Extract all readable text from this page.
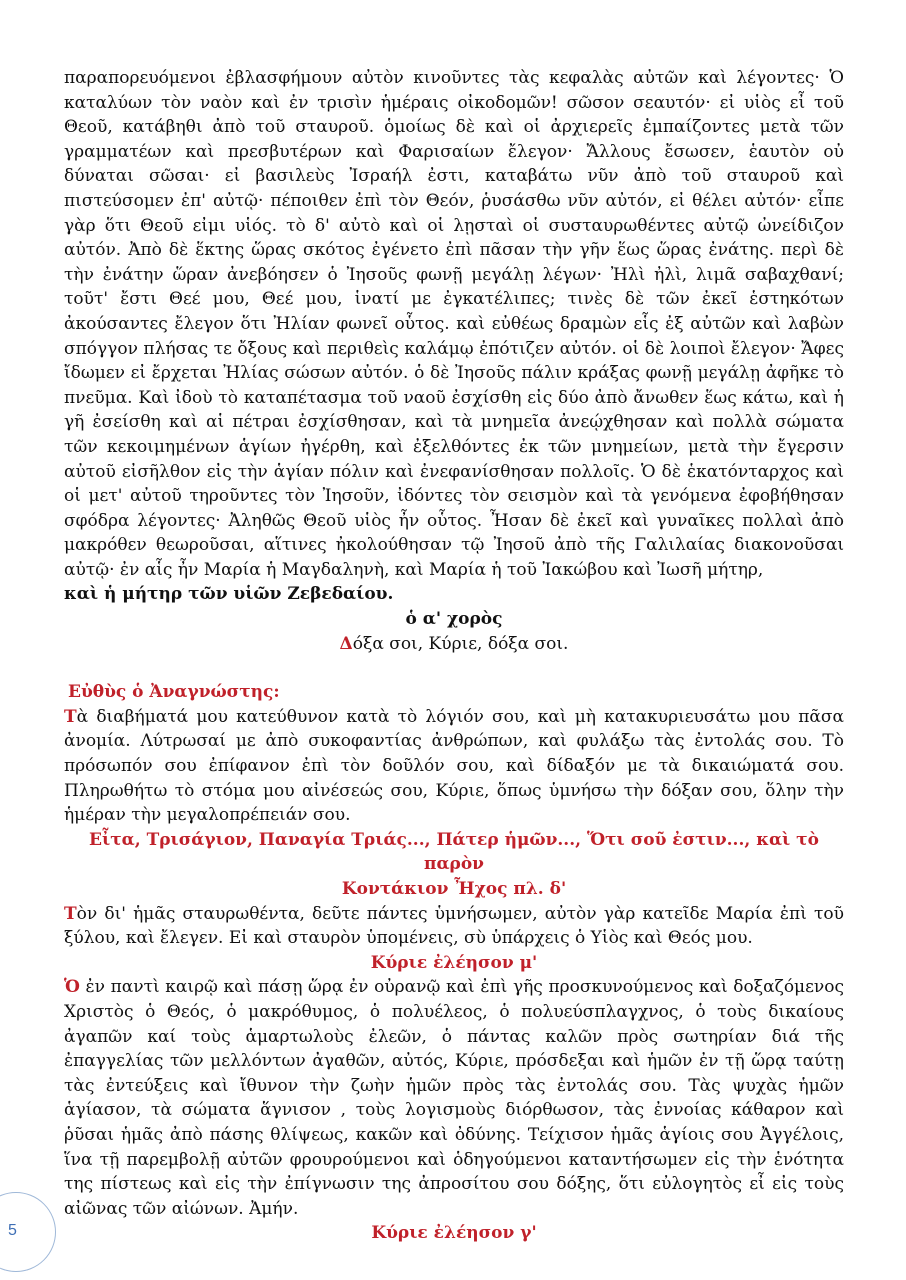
παραπορευόμενοι ἐβλασφήμουν αὐτὸν κινοῦντες τὰς κεφαλὰς αὐτῶν καὶ λέγοντες· Ὁ καταλύων τὸν ναὸν καὶ ἐν τρισὶν ἡμέραις οἰκοδομῶν! σῶσον σεαυτόν· εἰ υἱὸς εἶ τοῦ Θεοῦ, κατάβηθι ἀπὸ τοῦ σταυροῦ. ὁμοίως δὲ καὶ οἱ ἀρχιερεῖς ἐμπαίζοντες μετὰ τῶν γραμματέων καὶ πρεσβυτέρων καὶ Φαρισαίων ἔλεγον· Ἄλλους ἔσωσεν, ἑαυτὸν οὐ δύναται σῶσαι· εἰ βασιλεὺς Ἰσραήλ ἐστι, καταβάτω νῦν ἀπὸ τοῦ σταυροῦ καὶ πιστεύσομεν ἐπ' αὐτῷ· πέποιθεν ἐπὶ τὸν Θεόν, ῥυσάσθω νῦν αὐτόν, εἰ θέλει αὐτόν· εἶπε γὰρ ὅτι Θεοῦ εἰμι υἱός. τὸ δ' αὐτὸ καὶ οἱ λῃσταὶ οἱ συσταυρωθέντες αὐτῷ ὠνείδιζον αὐτόν. Ἀπὸ δὲ ἕκτης ὥρας σκότος ἐγένετο ἐπὶ πᾶσαν τὴν γῆν ἕως ὥρας ἐνάτης. περὶ δὲ τὴν ἐνάτην ὥραν ἀνεβόησεν ὁ Ἰησοῦς φωνῇ μεγάλῃ λέγων· Ἠλὶ ἠλὶ, λιμᾶ σαβαχθανί; τοῦτ' ἔστι Θεέ μου, Θεέ μου, ἱνατί με ἐγκατέλιπες; τινὲς δὲ τῶν ἐκεῖ ἑστηκότων ἀκούσαντες ἔλεγον ὅτι Ἠλίαν φωνεῖ οὗτος. καὶ εὐθέως δραμὼν εἷς ἐξ αὐτῶν καὶ λαβὼν σπόγγον πλήσας τε ὄξους καὶ περιθεὶς καλάμῳ ἐπότιζεν αὐτόν. οἱ δὲ λοιποὶ ἔλεγον· Ἄφες ἴδωμεν εἰ ἔρχεται Ἠλίας σώσων αὐτόν. ὁ δὲ Ἰησοῦς πάλιν κράξας φωνῇ μεγάλῃ ἀφῆκε τὸ πνεῦμα. Καὶ ἰδοὺ τὸ καταπέτασμα τοῦ ναοῦ ἐσχίσθη εἰς δύο ἀπὸ ἄνωθεν ἕως κάτω, καὶ ἡ γῆ ἐσείσθη καὶ αἱ πέτραι ἐσχίσθησαν, καὶ τὰ μνημεῖα ἀνεῴχθησαν καὶ πολλὰ σώματα τῶν κεκοιμημένων ἁγίων ἠγέρθη, καὶ ἐξελθόντες ἐκ τῶν μνημείων, μετὰ τὴν ἔγερσιν αὐτοῦ εἰσῆλθον εἰς τὴν ἁγίαν πόλιν καὶ ἐνεφανίσθησαν πολλοῖς. Ὁ δὲ ἑκατόνταρχος καὶ οἱ μετ' αὐτοῦ τηροῦντες τὸν Ἰησοῦν, ἰδόντες τὸν σεισμὸν καὶ τὰ γενόμενα ἐφοβήθησαν σφόδρα λέγοντες· Ἀληθῶς Θεοῦ υἱὸς ἦν οὗτος. Ἦσαν δὲ ἐκεῖ καὶ γυναῖκες πολλαὶ ἀπὸ μακρόθεν θεωροῦσαι, αἵτινες ἠκολούθησαν τῷ Ἰησοῦ ἀπὸ τῆς Γαλιλαίας διακονοῦσαι αὐτῷ· ἐν αἷς ἦν Μαρία ἡ Μαγδαληνὴ, καὶ Μαρία ἡ τοῦ Ἰακώβου καὶ Ἰωσῆ μήτηρ,
καὶ ἡ μήτηρ τῶν υἱῶν Ζεβεδαίου.

ὁ α' χορὸς

Δόξα σοι, Κύριε, δόξα σοι.

Εὐθὺς ὁ Ἀναγνώστης:

Τὰ διαβήματά μου κατεύθυνον κατὰ τὸ λόγιόν σου, καὶ μὴ κατακυριευσάτω μου πᾶσα ἀνομία. Λύτρωσαί με ἀπὸ συκοφαντίας ἀνθρώπων, καὶ φυλάξω τὰς ἐντολάς σου. Τὸ πρόσωπόν σου ἐπίφανον ἐπὶ τὸν δοῦλόν σου, καὶ δίδαξόν με τὰ δικαιώματά σου. Πληρωθήτω τὸ στόμα μου αἰνέσεώς σου, Κύριε, ὅπως ὑμνήσω τὴν δόξαν σου, ὅλην τὴν ἡμέραν τὴν μεγαλοπρέπειάν σου.

Εἶτα, Τρισάγιον, Παναγία Τριάς..., Πάτερ ἡμῶν..., Ὅτι σοῦ ἐστιν..., καὶ τὸ παρὸν

Κοντάκιον Ἦχος πλ. δ'

Τὸν δι' ἡμᾶς σταυρωθέντα, δεῦτε πάντες ὑμνήσωμεν, αὐτὸν γὰρ κατεῖδε Μαρία ἐπὶ τοῦ ξύλου, καὶ ἔλεγεν. Εἰ καὶ σταυρὸν ὑπομένεις, σὺ ὑπάρχεις ὁ Υἱὸς καὶ Θεός μου.

Κύριε ἐλέησον μ'

Ὁ ἐν παντὶ καιρῷ καὶ πάσῃ ὥρᾳ ἐν οὐρανῷ καὶ ἐπὶ γῆς προσκυνούμενος καὶ δοξαζόμενος Χριστὸς ὁ Θεός, ὁ μακρόθυμος, ὁ πολυέλεος, ὁ πολυεύσπλαγχνος, ὁ τοὺς δικαίους ἀγαπῶν καί τοὺς ἁμαρτωλοὺς ἐλεῶν, ὁ πάντας καλῶν πρὸς σωτηρίαν διά τῆς ἐπαγγελίας τῶν μελλόντων ἀγαθῶν, αὐτός, Κύριε, πρόσδεξαι καὶ ἡμῶν ἐν τῇ ὥρᾳ ταύτῃ τὰς ἐντεύξεις καὶ ἴθυνον τὴν ζωὴν ἡμῶν πρὸς τὰς ἐντολάς σου. Τὰς ψυχὰς ἡμῶν ἁγίασον, τὰ σώματα ἅγνισον , τοὺς λογισμοὺς διόρθωσον, τὰς ἐννοίας κάθαρον καὶ ῥῦσαι ἡμᾶς ἀπὸ πάσης θλίψεως, κακῶν καὶ ὀδύνης. Τείχισον ἡμᾶς ἁγίοις σου Ἀγγέλοις, ἵνα τῇ παρεμβολῇ αὐτῶν φρουρούμενοι καὶ ὁδηγούμενοι καταντήσωμεν εἰς τὴν ἑνότητα της πίστεως καὶ εἰς τὴν ἐπίγνωσιν της ἀπροσίτου σου δόξης, ὅτι εὐλογητὸς εἶ εἰς τοὺς αἰῶνας τῶν αἰώνων. Ἀμήν.

Κύριε ἐλέησον γ'

5
